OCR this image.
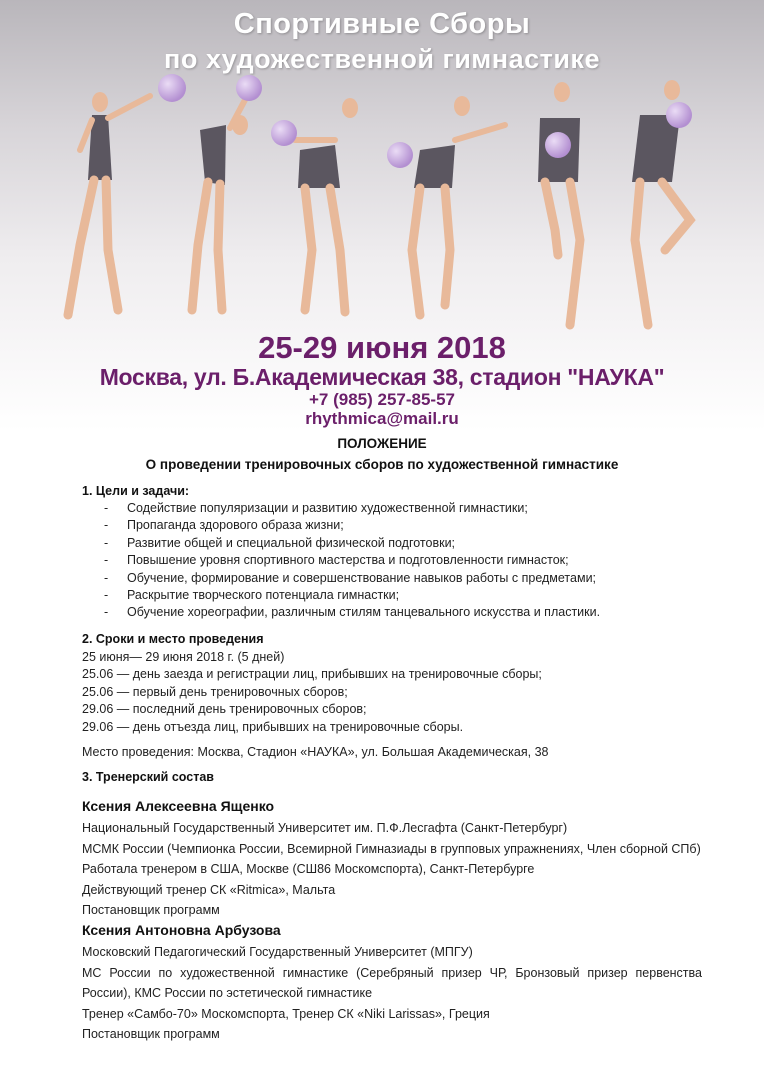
Спортивные Сборы
по художественной гимнастике
25-29 июня 2018
Москва, ул. Б.Академическая 38, стадион "НАУКА"
+7 (985) 257-85-57
rhythmica@mail.ru
ПОЛОЖЕНИЕ
О проведении тренировочных сборов по художественной гимнастике
1. Цели и задачи:
- Содействие популяризации и развитию художественной гимнастики;
- Пропаганда здорового образа жизни;
- Развитие общей и специальной физической подготовки;
- Повышение уровня спортивного мастерства и подготовленности гимнасток;
- Обучение, формирование и совершенствование навыков работы с предметами;
- Раскрытие творческого потенциала гимнастки;
- Обучение хореографии, различным стилям танцевального искусства и пластики.
2. Сроки и место проведения
25 июня— 29 июня 2018 г. (5 дней)
25.06 — день заезда и регистрации лиц, прибывших на тренировочные сборы;
25.06 — первый день тренировочных сборов;
29.06 — последний день тренировочных сборов;
29.06 — день отъезда лиц, прибывших на тренировочные сборы.
Место проведения: Москва, Стадион «НАУКА», ул. Большая Академическая, 38
3. Тренерский состав
Ксения Алексеевна Ященко
Национальный Государственный Университет им. П.Ф.Лесгафта (Санкт-Петербург)
МСМК России (Чемпионка России, Всемирной Гимназиады в групповых упражнениях, Член сборной СПб)
Работала тренером в США, Москве (СШ86 Москомспорта), Санкт-Петербурге
Действующий тренер СК «Ritmica», Мальта
Постановщик программ
Ксения Антоновна Арбузова
Московский Педагогический Государственный Университет (МПГУ)
МС России по художественной гимнастике (Серебряный призер ЧР, Бронзовый призер первенства России), КМС России по эстетической гимнастике
Тренер «Самбо-70» Москомспорта, Тренер СК «Niki Larissas», Греция
Постановщик программ
